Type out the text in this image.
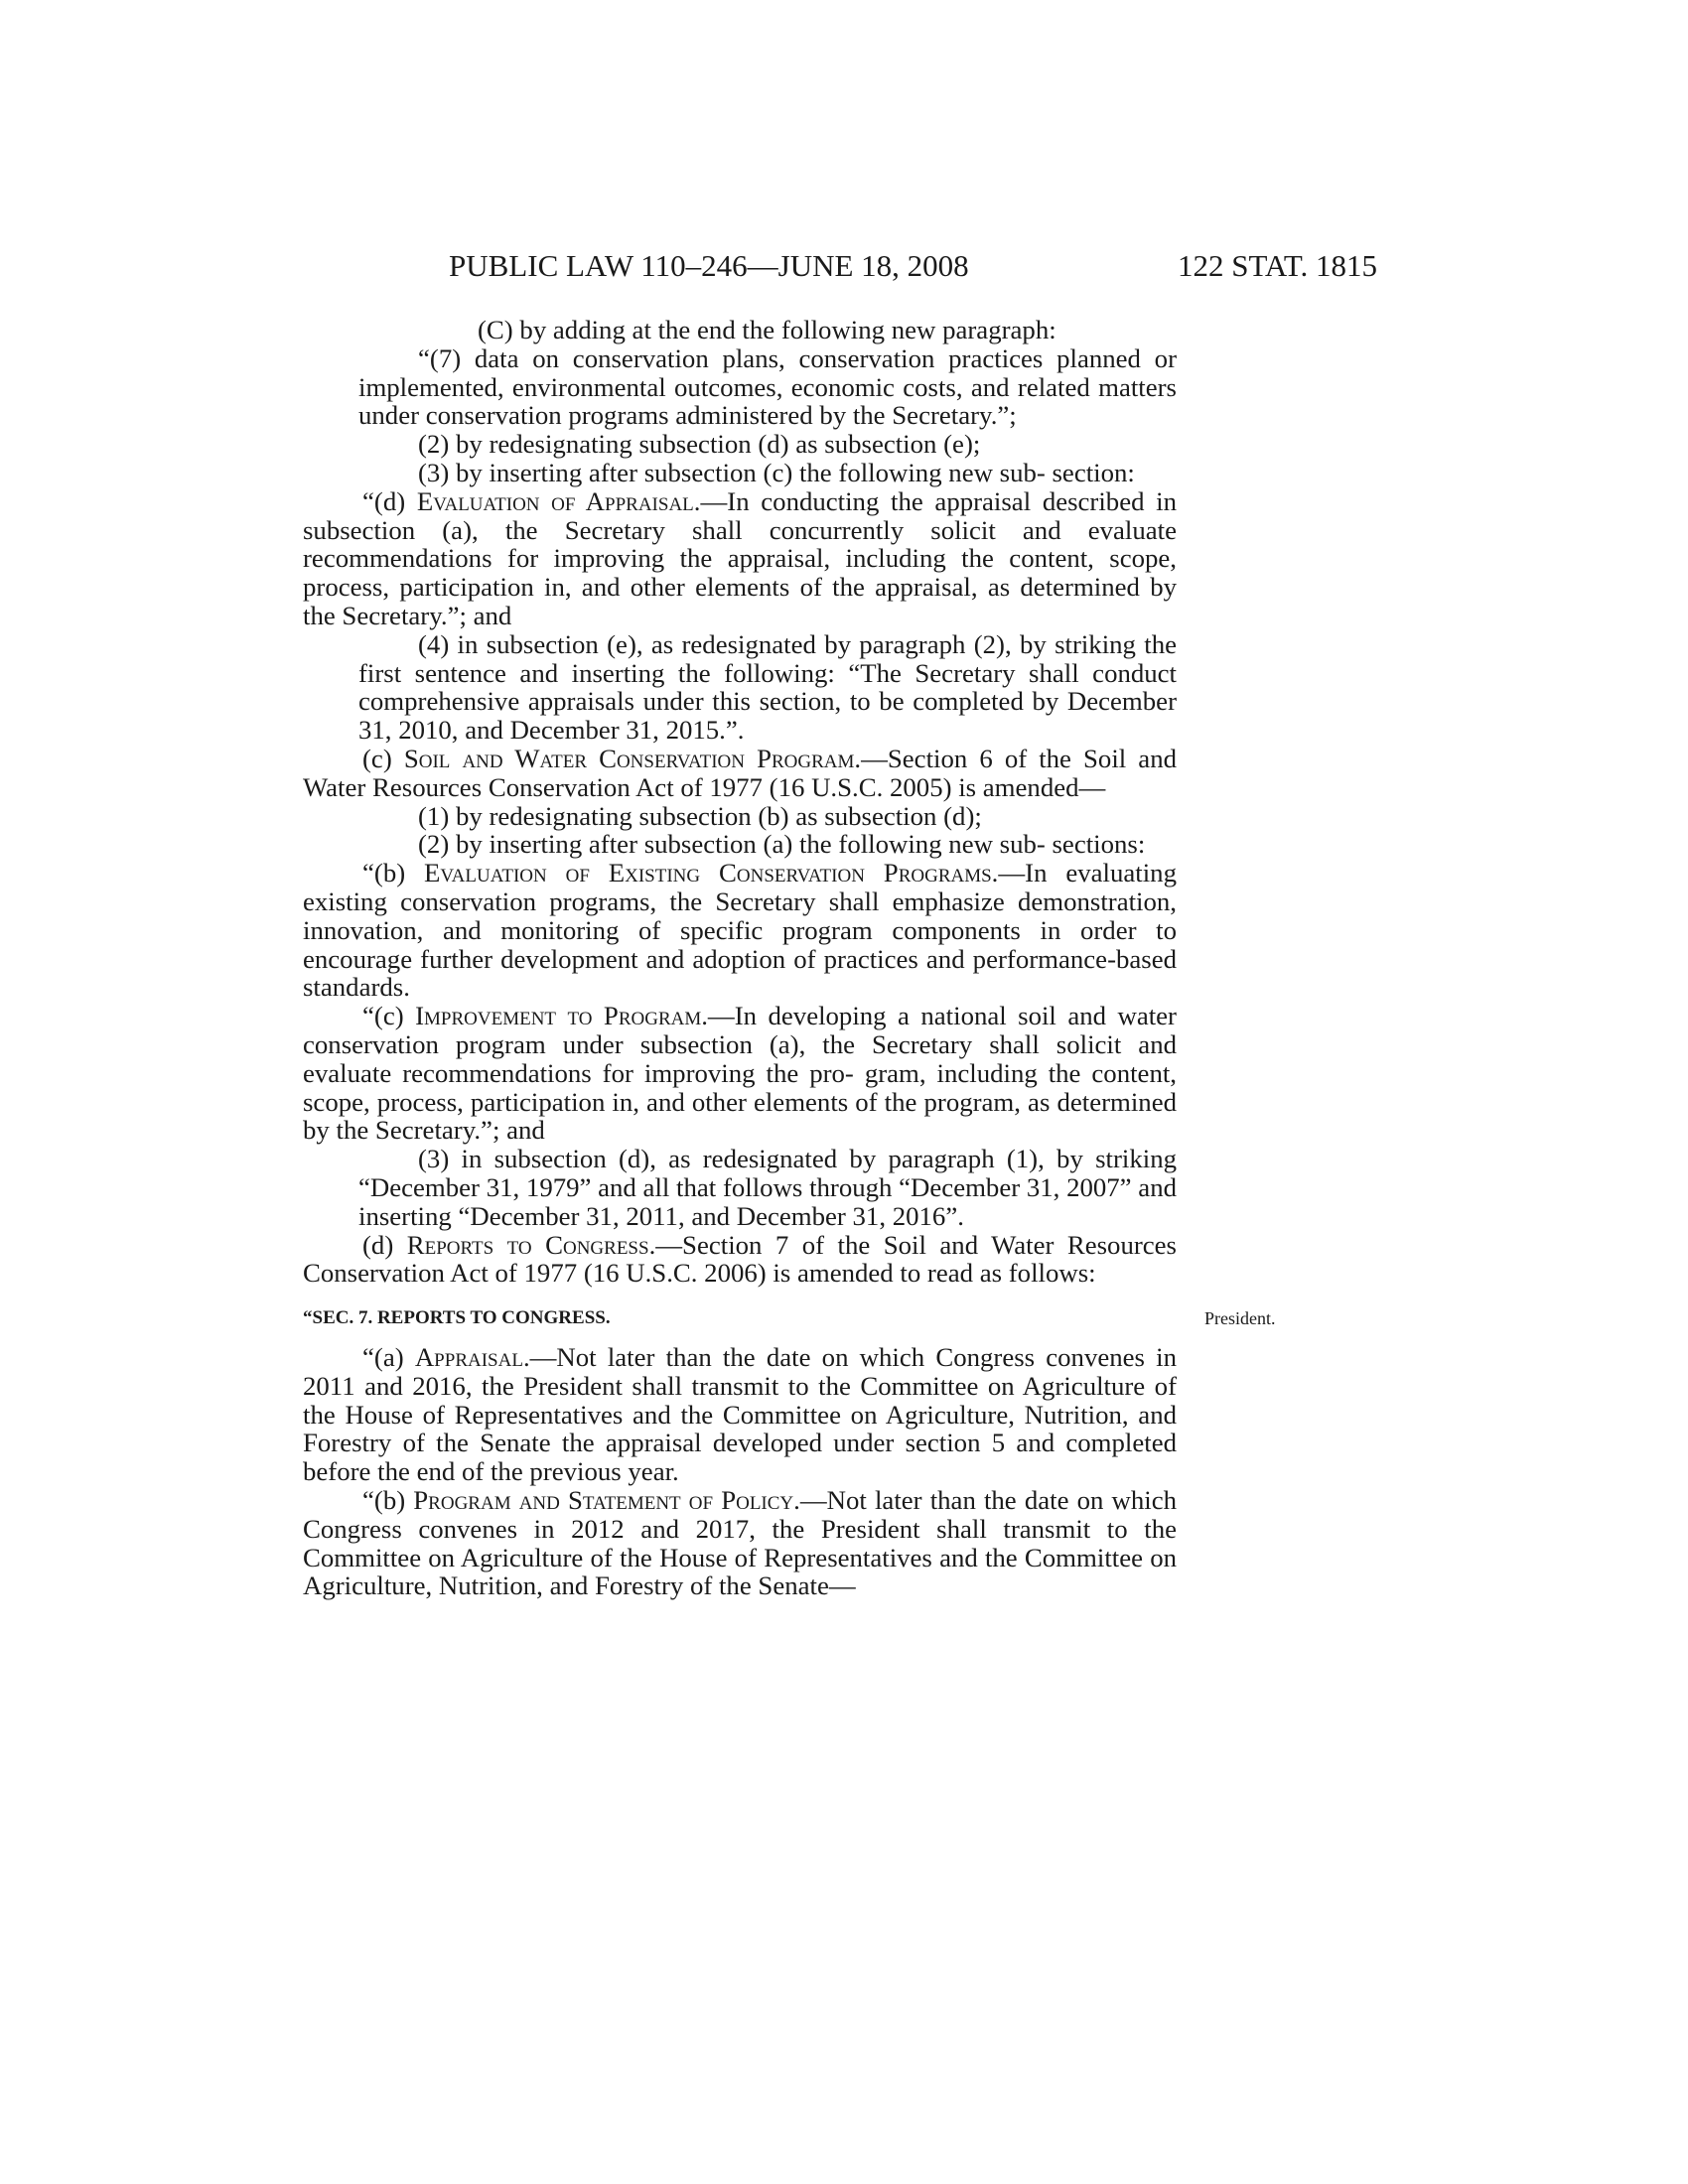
PUBLIC LAW 110–246—JUNE 18, 2008	122 STAT. 1815

(C) by adding at the end the following new paragraph:

“(7) data on conservation plans, conservation practices planned or implemented, environmental outcomes, economic costs, and related matters under conservation programs administered by the Secretary.”;

(2) by redesignating subsection (d) as subsection (e);

(3) by inserting after subsection (c) the following new sub- section:

“(d) Evaluation of Appraisal.—In conducting the appraisal described in subsection (a), the Secretary shall concurrently solicit and evaluate recommendations for improving the appraisal, including the content, scope, process, participation in, and other elements of the appraisal, as determined by the Secretary.”; and

(4) in subsection (e), as redesignated by paragraph (2), by striking the first sentence and inserting the following: “The Secretary shall conduct comprehensive appraisals under this section, to be completed by December 31, 2010, and December 31, 2015.”.

(c) Soil and Water Conservation Program.—Section 6 of the Soil and Water Resources Conservation Act of 1977 (16 U.S.C. 2005) is amended—

(1) by redesignating subsection (b) as subsection (d);

(2) by inserting after subsection (a) the following new sub- sections:

“(b) Evaluation of Existing Conservation Programs.—In evaluating existing conservation programs, the Secretary shall emphasize demonstration, innovation, and monitoring of specific program components in order to encourage further development and adoption of practices and performance-based standards.

“(c) Improvement to Program.—In developing a national soil and water conservation program under subsection (a), the Secretary shall solicit and evaluate recommendations for improving the pro- gram, including the content, scope, process, participation in, and other elements of the program, as determined by the Secretary.”; and

(3) in subsection (d), as redesignated by paragraph (1), by striking “December 31, 1979” and all that follows through “December 31, 2007” and inserting “December 31, 2011, and December 31, 2016”.

(d) Reports to Congress.—Section 7 of the Soil and Water Resources Conservation Act of 1977 (16 U.S.C. 2006) is amended to read as follows:

“SEC. 7. REPORTS TO CONGRESS.	President.

“(a) Appraisal.—Not later than the date on which Congress convenes in 2011 and 2016, the President shall transmit to the Committee on Agriculture of the House of Representatives and the Committee on Agriculture, Nutrition, and Forestry of the Senate the appraisal developed under section 5 and completed before the end of the previous year.

“(b) Program and Statement of Policy.—Not later than the date on which Congress convenes in 2012 and 2017, the President shall transmit to the Committee on Agriculture of the House of Representatives and the Committee on Agriculture, Nutrition, and Forestry of the Senate—
